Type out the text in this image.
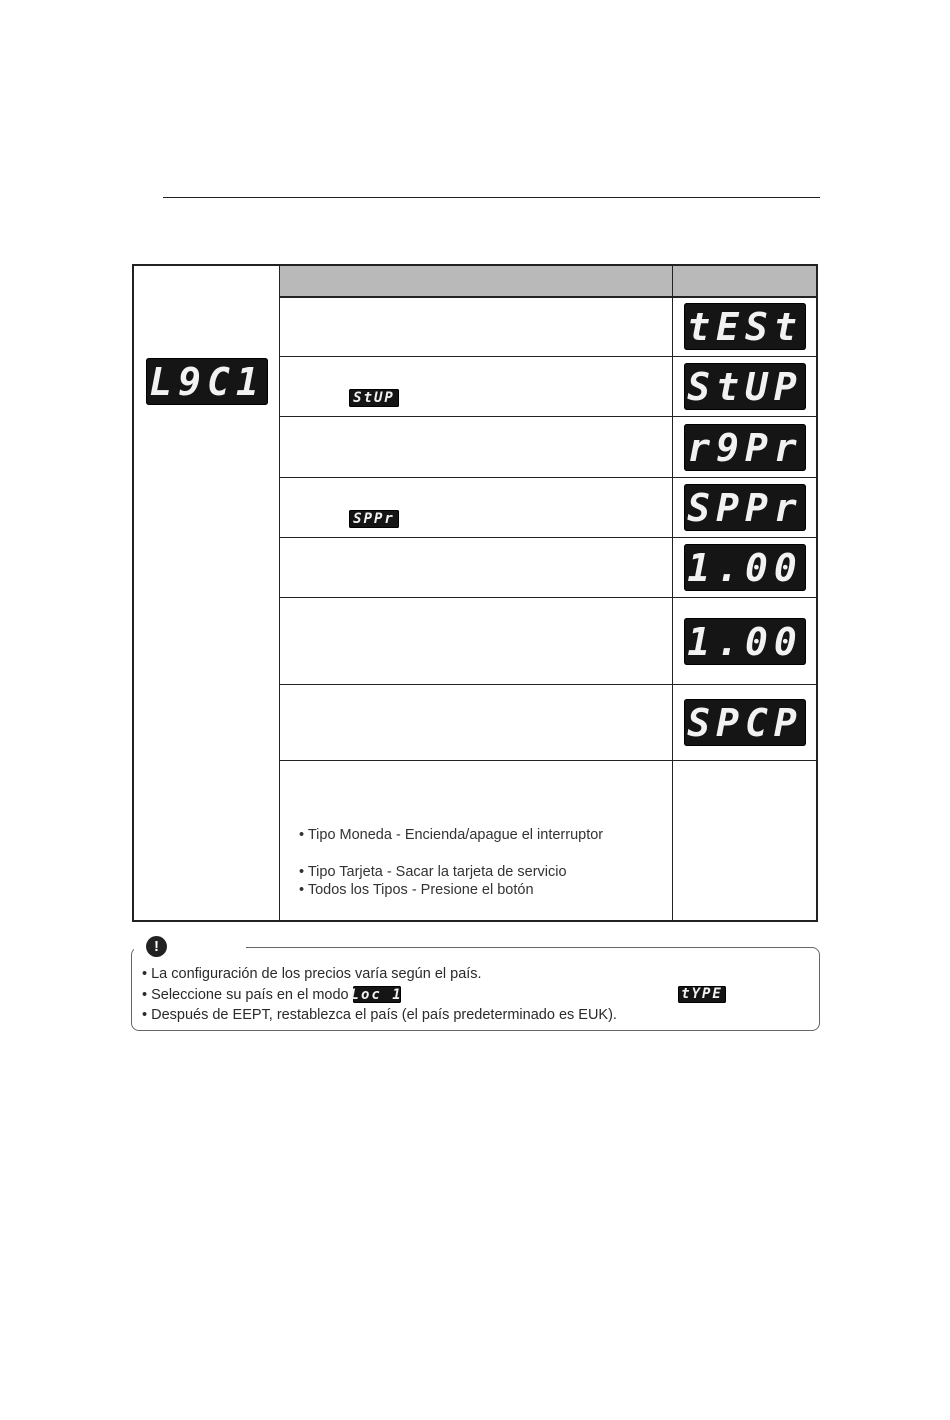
L9C1
tESt
StUP
r9Pr
SPPr
1.00
1.00
SPCP
StUP
SPPr
• Tipo Moneda - Encienda/apague el interruptor
• Tipo Tarjeta - Sacar la tarjeta de servicio
• Todos los Tipos - Presione el botón
!
• La configuración de los precios varía según el país.
• Seleccione su país en el modo Loc 1	tYPE
• Después de EEPT, restablezca el país (el país predeterminado es EUK).
